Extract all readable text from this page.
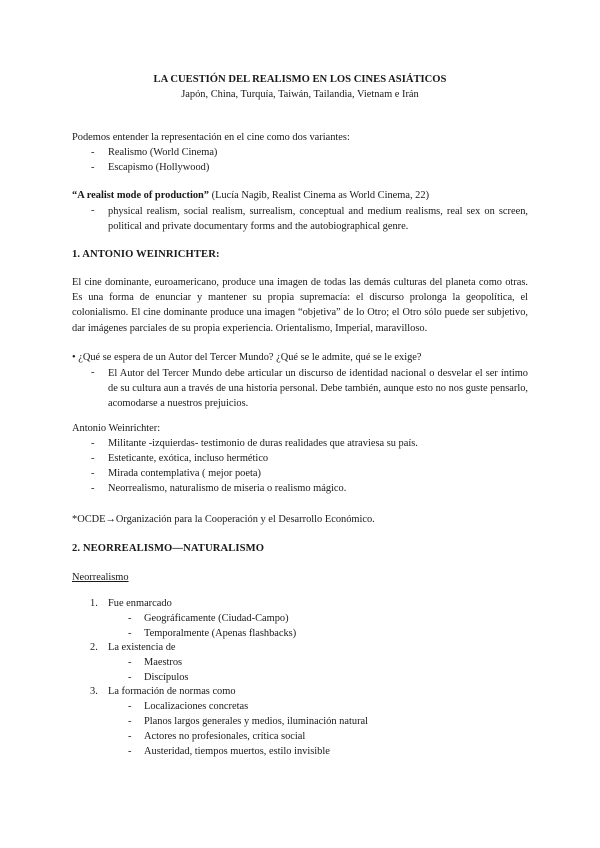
LA CUESTIÓN DEL REALISMO EN LOS CINES ASIÁTICOS
Japón, China, Turquía, Taiwán, Tailandia, Vietnam e Irán
Podemos entender la representación en el cine como dos variantes:
- Realismo (World Cinema)
- Escapismo (Hollywood)
“A realist mode of production” (Lucía Nagib, Realist Cinema as World Cinema, 22)
- physical realism, social realism, surrealism, conceptual and medium realisms, real sex on screen, political and private documentary forms and the autobiographical genre.
1. ANTONIO WEINRICHTER:
El cine dominante, euroamericano, produce una imagen de todas las demás culturas del planeta como otras. Es una forma de enunciar y mantener su propia supremacía: el discurso prolonga la geopolítica, el colonialismo. El cine dominante produce una imagen “objetiva” de lo Otro; el Otro sólo puede ser subjetivo, dar imágenes parciales de su propia experiencia. Orientalismo, Imperial, maravilloso.
• ¿Qué se espera de un Autor del Tercer Mundo? ¿Qué se le admite, qué se le exige?
- El Autor del Tercer Mundo debe articular un discurso de identidad nacional o desvelar el ser íntimo de su cultura aun a través de una historia personal. Debe también, aunque esto no nos guste pensarlo, acomodarse a nuestros prejuicios.
Antonio Weinrichter:
- Militante -izquierdas- testimonio de duras realidades que atraviesa su país.
- Esteticante, exótica, incluso hermético
- Mirada contemplativa ( mejor poeta)
- Neorrealismo, naturalismo de miseria o realismo mágico.
*OCDE→Organización para la Cooperación y el Desarrollo Económico.
2. NEORREALISMO—NATURALISMO
Neorrealismo
1. Fue enmarcado
- Geográficamente (Ciudad-Campo)
- Temporalmente (Apenas flashbacks)
2. La existencia de
- Maestros
- Discípulos
3. La formación de normas como
- Localizaciones concretas
- Planos largos generales y medios, iluminación natural
- Actores no profesionales, crítica social
- Austeridad, tiempos muertos, estilo invisible
